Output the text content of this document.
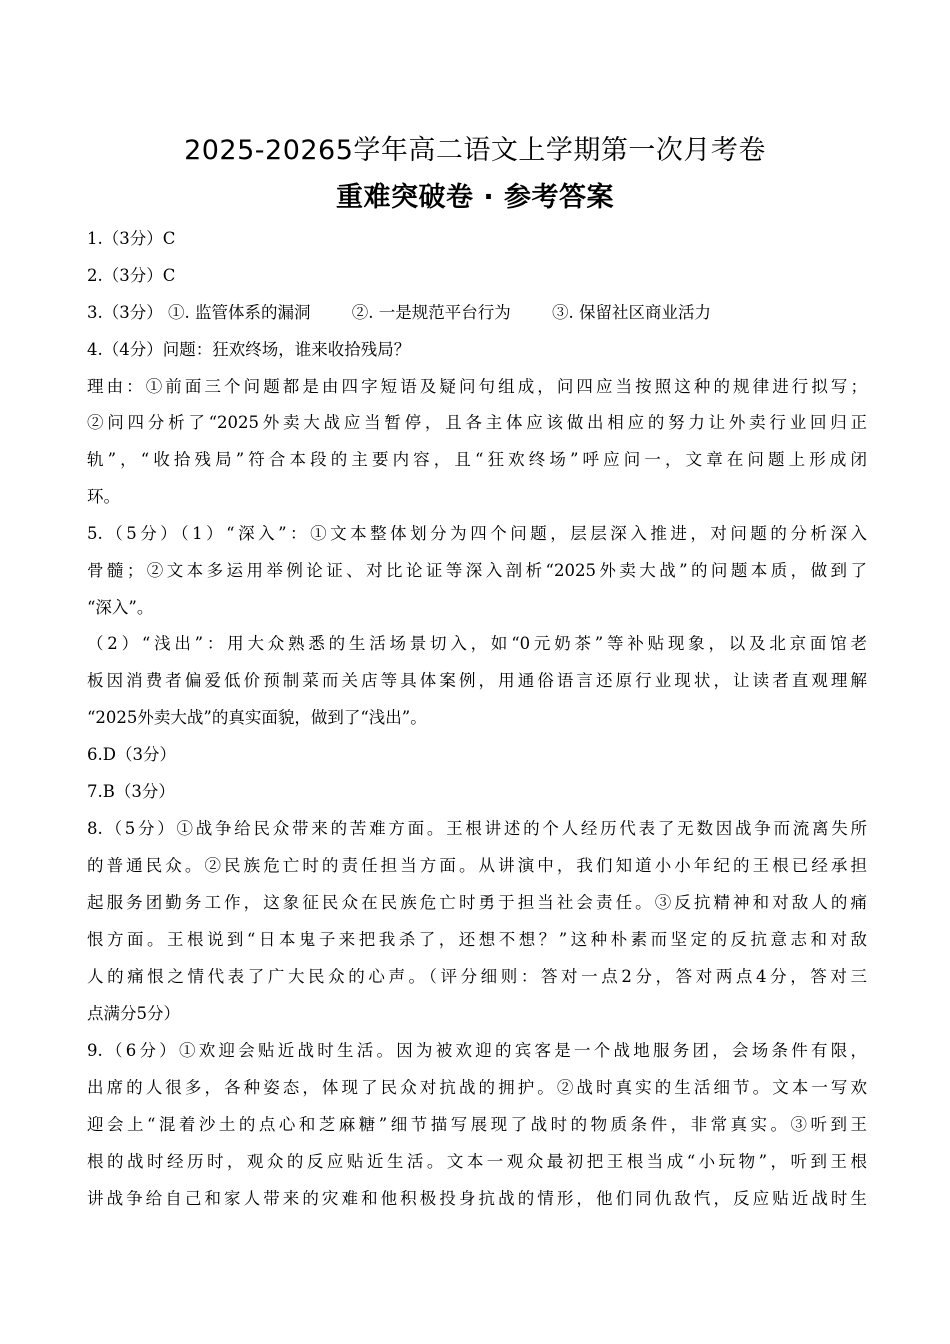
2025-20265学年高二语文上学期第一次月考卷
重难突破卷 · 参考答案
1.（3分）C
2.（3分）C
3.（3分） ①. 监管体系的漏洞	②. 一是规范平台行为	③. 保留社区商业活力
4.（4分）问题：狂欢终场，谁来收拾残局？
理由：①前面三个问题都是由四字短语及疑问句组成，问四应当按照这种的规律进行拟写；
②问四分析了“2025外卖大战应当暂停，且各主体应该做出相应的努力让外卖行业回归正
轨”，“收拾残局”符合本段的主要内容，且“狂欢终场”呼应问一，文章在问题上形成闭
环。
5.（5分）（1）“深入”：①文本整体划分为四个问题，层层深入推进，对问题的分析深入
骨髓；②文本多运用举例论证、对比论证等深入剖析“2025外卖大战”的问题本质，做到了
“深入”。
（2）“浅出”：用大众熟悉的生活场景切入，如“0元奶茶”等补贴现象，以及北京面馆老
板因消费者偏爱低价预制菜而关店等具体案例，用通俗语言还原行业现状，让读者直观理解
“2025外卖大战”的真实面貌，做到了“浅出”。
6.D（3分）
7.B（3分）
8.（5分）①战争给民众带来的苦难方面。王根讲述的个人经历代表了无数因战争而流离失所
的普通民众。②民族危亡时的责任担当方面。从讲演中，我们知道小小年纪的王根已经承担
起服务团勤务工作，这象征民众在民族危亡时勇于担当社会责任。③反抗精神和对敌人的痛
恨方面。王根说到“日本鬼子来把我杀了，还想不想？”这种朴素而坚定的反抗意志和对敌
人的痛恨之情代表了广大民众的心声。（评分细则：答对一点2分，答对两点4分，答对三
点满分5分）
9.（6分）①欢迎会贴近战时生活。因为被欢迎的宾客是一个战地服务团，会场条件有限，
出席的人很多，各种姿态，体现了民众对抗战的拥护。②战时真实的生活细节。文本一写欢
迎会上“混着沙土的点心和芝麻糖”细节描写展现了战时的物质条件，非常真实。③听到王
根的战时经历时，观众的反应贴近生活。文本一观众最初把王根当成“小玩物”，听到王根
讲战争给自己和家人带来的灾难和他积极投身抗战的情形，他们同仇敌忾，反应贴近战时生
